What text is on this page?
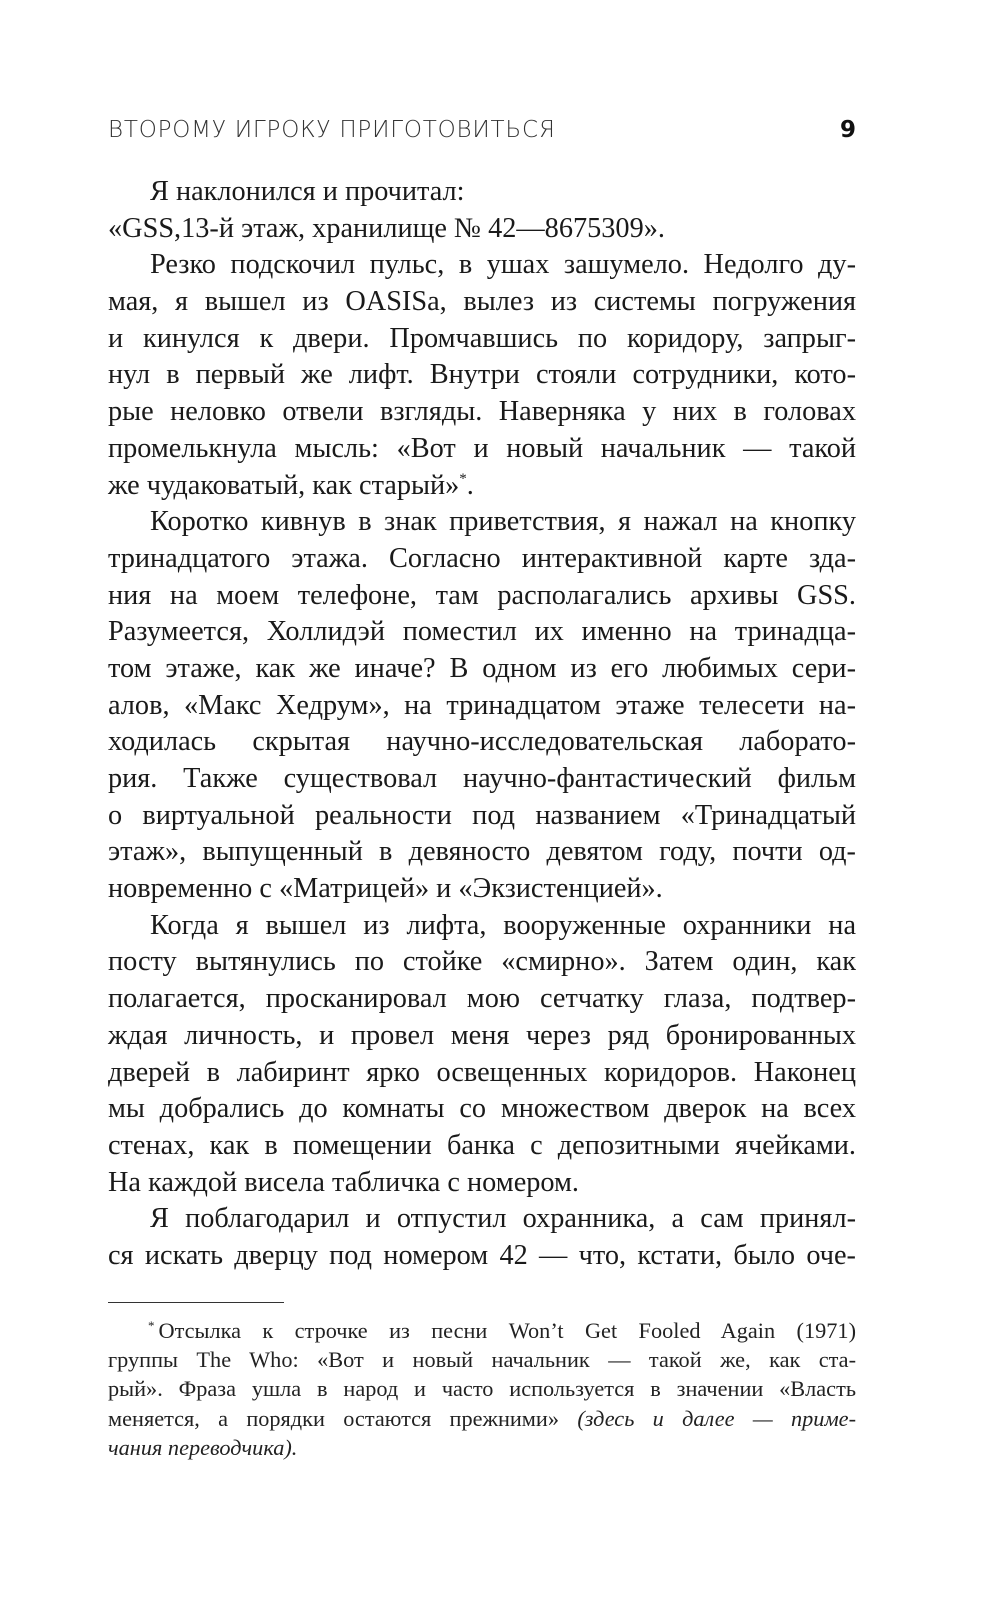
ВТОРОМУ ИГРОКУ ПРИГОТОВИТЬСЯ	9
Я наклонился и прочитал:
«GSS,13-й этаж, хранилище № 42—8675309».
Резко подскочил пульс, в ушах зашумело. Недолго ду-
мая, я вышел из OASISa, вылез из системы погружения
и кинулся к двери. Промчавшись по коридору, запрыг-
нул в первый же лифт. Внутри стояли сотрудники, кото-
рые неловко отвели взгляды. Наверняка у них в головах
промелькнула мысль: «Вот и новый начальник — такой
же чудаковатый, как старый»*.
Коротко кивнув в знак приветствия, я нажал на кнопку
тринадцатого этажа. Согласно интерактивной карте зда-
ния на моем телефоне, там располагались архивы GSS.
Разумеется, Холлидэй поместил их именно на тринадца-
том этаже, как же иначе? В одном из его любимых сери-
алов, «Макс Хедрум», на тринадцатом этаже телесети на-
ходилась скрытая научно-исследовательская лаборато-
рия. Также существовал научно-фантастический фильм
о виртуальной реальности под названием «Тринадцатый
этаж», выпущенный в девяносто девятом году, почти од-
новременно с «Матрицей» и «Экзистенцией».
Когда я вышел из лифта, вооруженные охранники на
посту вытянулись по стойке «смирно». Затем один, как
полагается, просканировал мою сетчатку глаза, подтвер-
ждая личность, и провел меня через ряд бронированных
дверей в лабиринт ярко освещенных коридоров. Наконец
мы добрались до комнаты со множеством дверок на всех
стенах, как в помещении банка с депозитными ячейками.
На каждой висела табличка с номером.
Я поблагодарил и отпустил охранника, а сам принял-
ся искать дверцу под номером 42 — что, кстати, было оче-
* Отсылка к строчке из песни Won’t Get Fooled Again (1971)
группы The Who: «Вот и новый начальник — такой же, как ста-
рый». Фраза ушла в народ и часто используется в значении «Власть
меняется, а порядки остаются прежними» (здесь и далее — приме-
чания переводчика).
